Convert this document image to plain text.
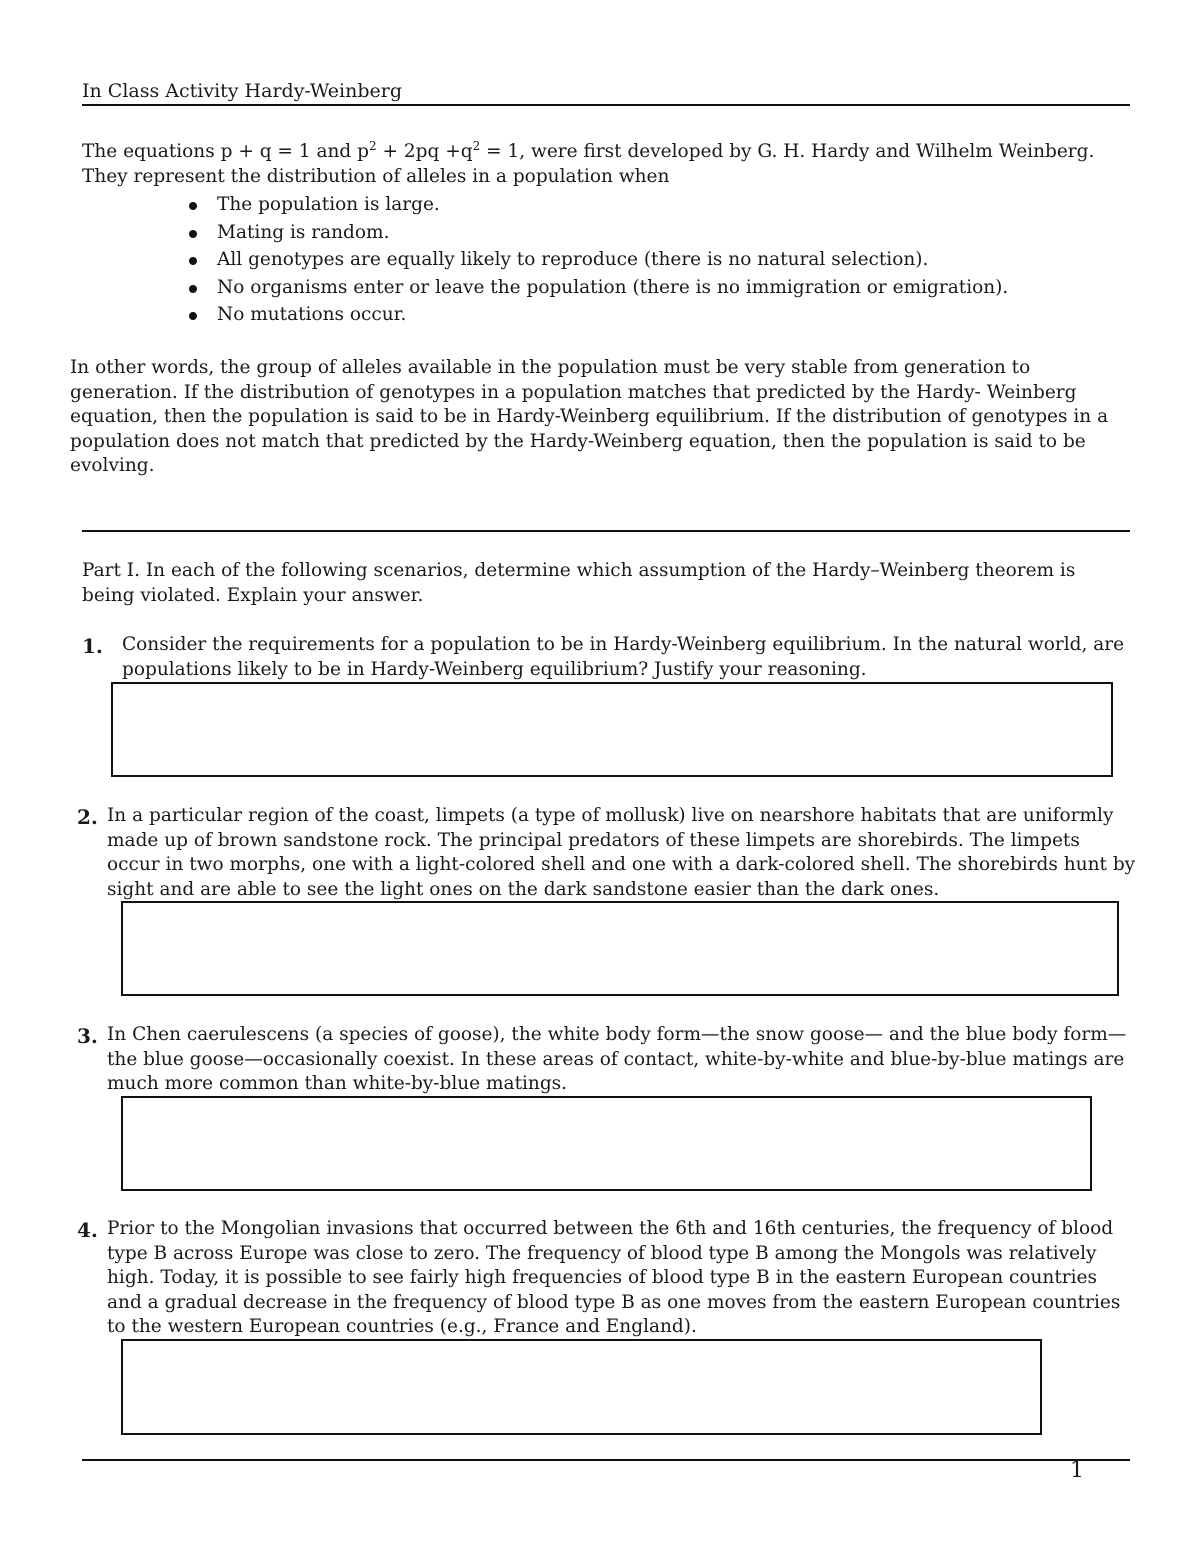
In Class Activity Hardy-Weinberg
The equations p + q = 1 and $p^2 + 2pq +q^2 = 1$, were first developed by G. H. Hardy and Wilhelm Weinberg.
They represent the distribution of alleles in a population when
The population is large.
Mating is random.
All genotypes are equally likely to reproduce (there is no natural selection).
No organisms enter or leave the population (there is no immigration or emigration).
No mutations occur.
In other words, the group of alleles available in the population must be very stable from generation to generation. If the distribution of genotypes in a population matches that predicted by the Hardy- Weinberg equation, then the population is said to be in Hardy-Weinberg equilibrium. If the distribution of genotypes in a population does not match that predicted by the Hardy-Weinberg equation, then the population is said to be evolving.
Part I. In each of the following scenarios, determine which assumption of the Hardy–Weinberg theorem is being violated. Explain your answer.
1. Consider the requirements for a population to be in Hardy-Weinberg equilibrium. In the natural world, are populations likely to be in Hardy-Weinberg equilibrium? Justify your reasoning.
2. In a particular region of the coast, limpets (a type of mollusk) live on nearshore habitats that are uniformly made up of brown sandstone rock. The principal predators of these limpets are shorebirds. The limpets occur in two morphs, one with a light-colored shell and one with a dark-colored shell. The shorebirds hunt by sight and are able to see the light ones on the dark sandstone easier than the dark ones.
3. In Chen caerulescens (a species of goose), the white body form—the snow goose— and the blue body form—the blue goose—occasionally coexist. In these areas of contact, white-by-white and blue-by-blue matings are much more common than white-by-blue matings.
4. Prior to the Mongolian invasions that occurred between the 6th and 16th centuries, the frequency of blood type B across Europe was close to zero. The frequency of blood type B among the Mongols was relatively high. Today, it is possible to see fairly high frequencies of blood type B in the eastern European countries and a gradual decrease in the frequency of blood type B as one moves from the eastern European countries to the western European countries (e.g., France and England).
1
